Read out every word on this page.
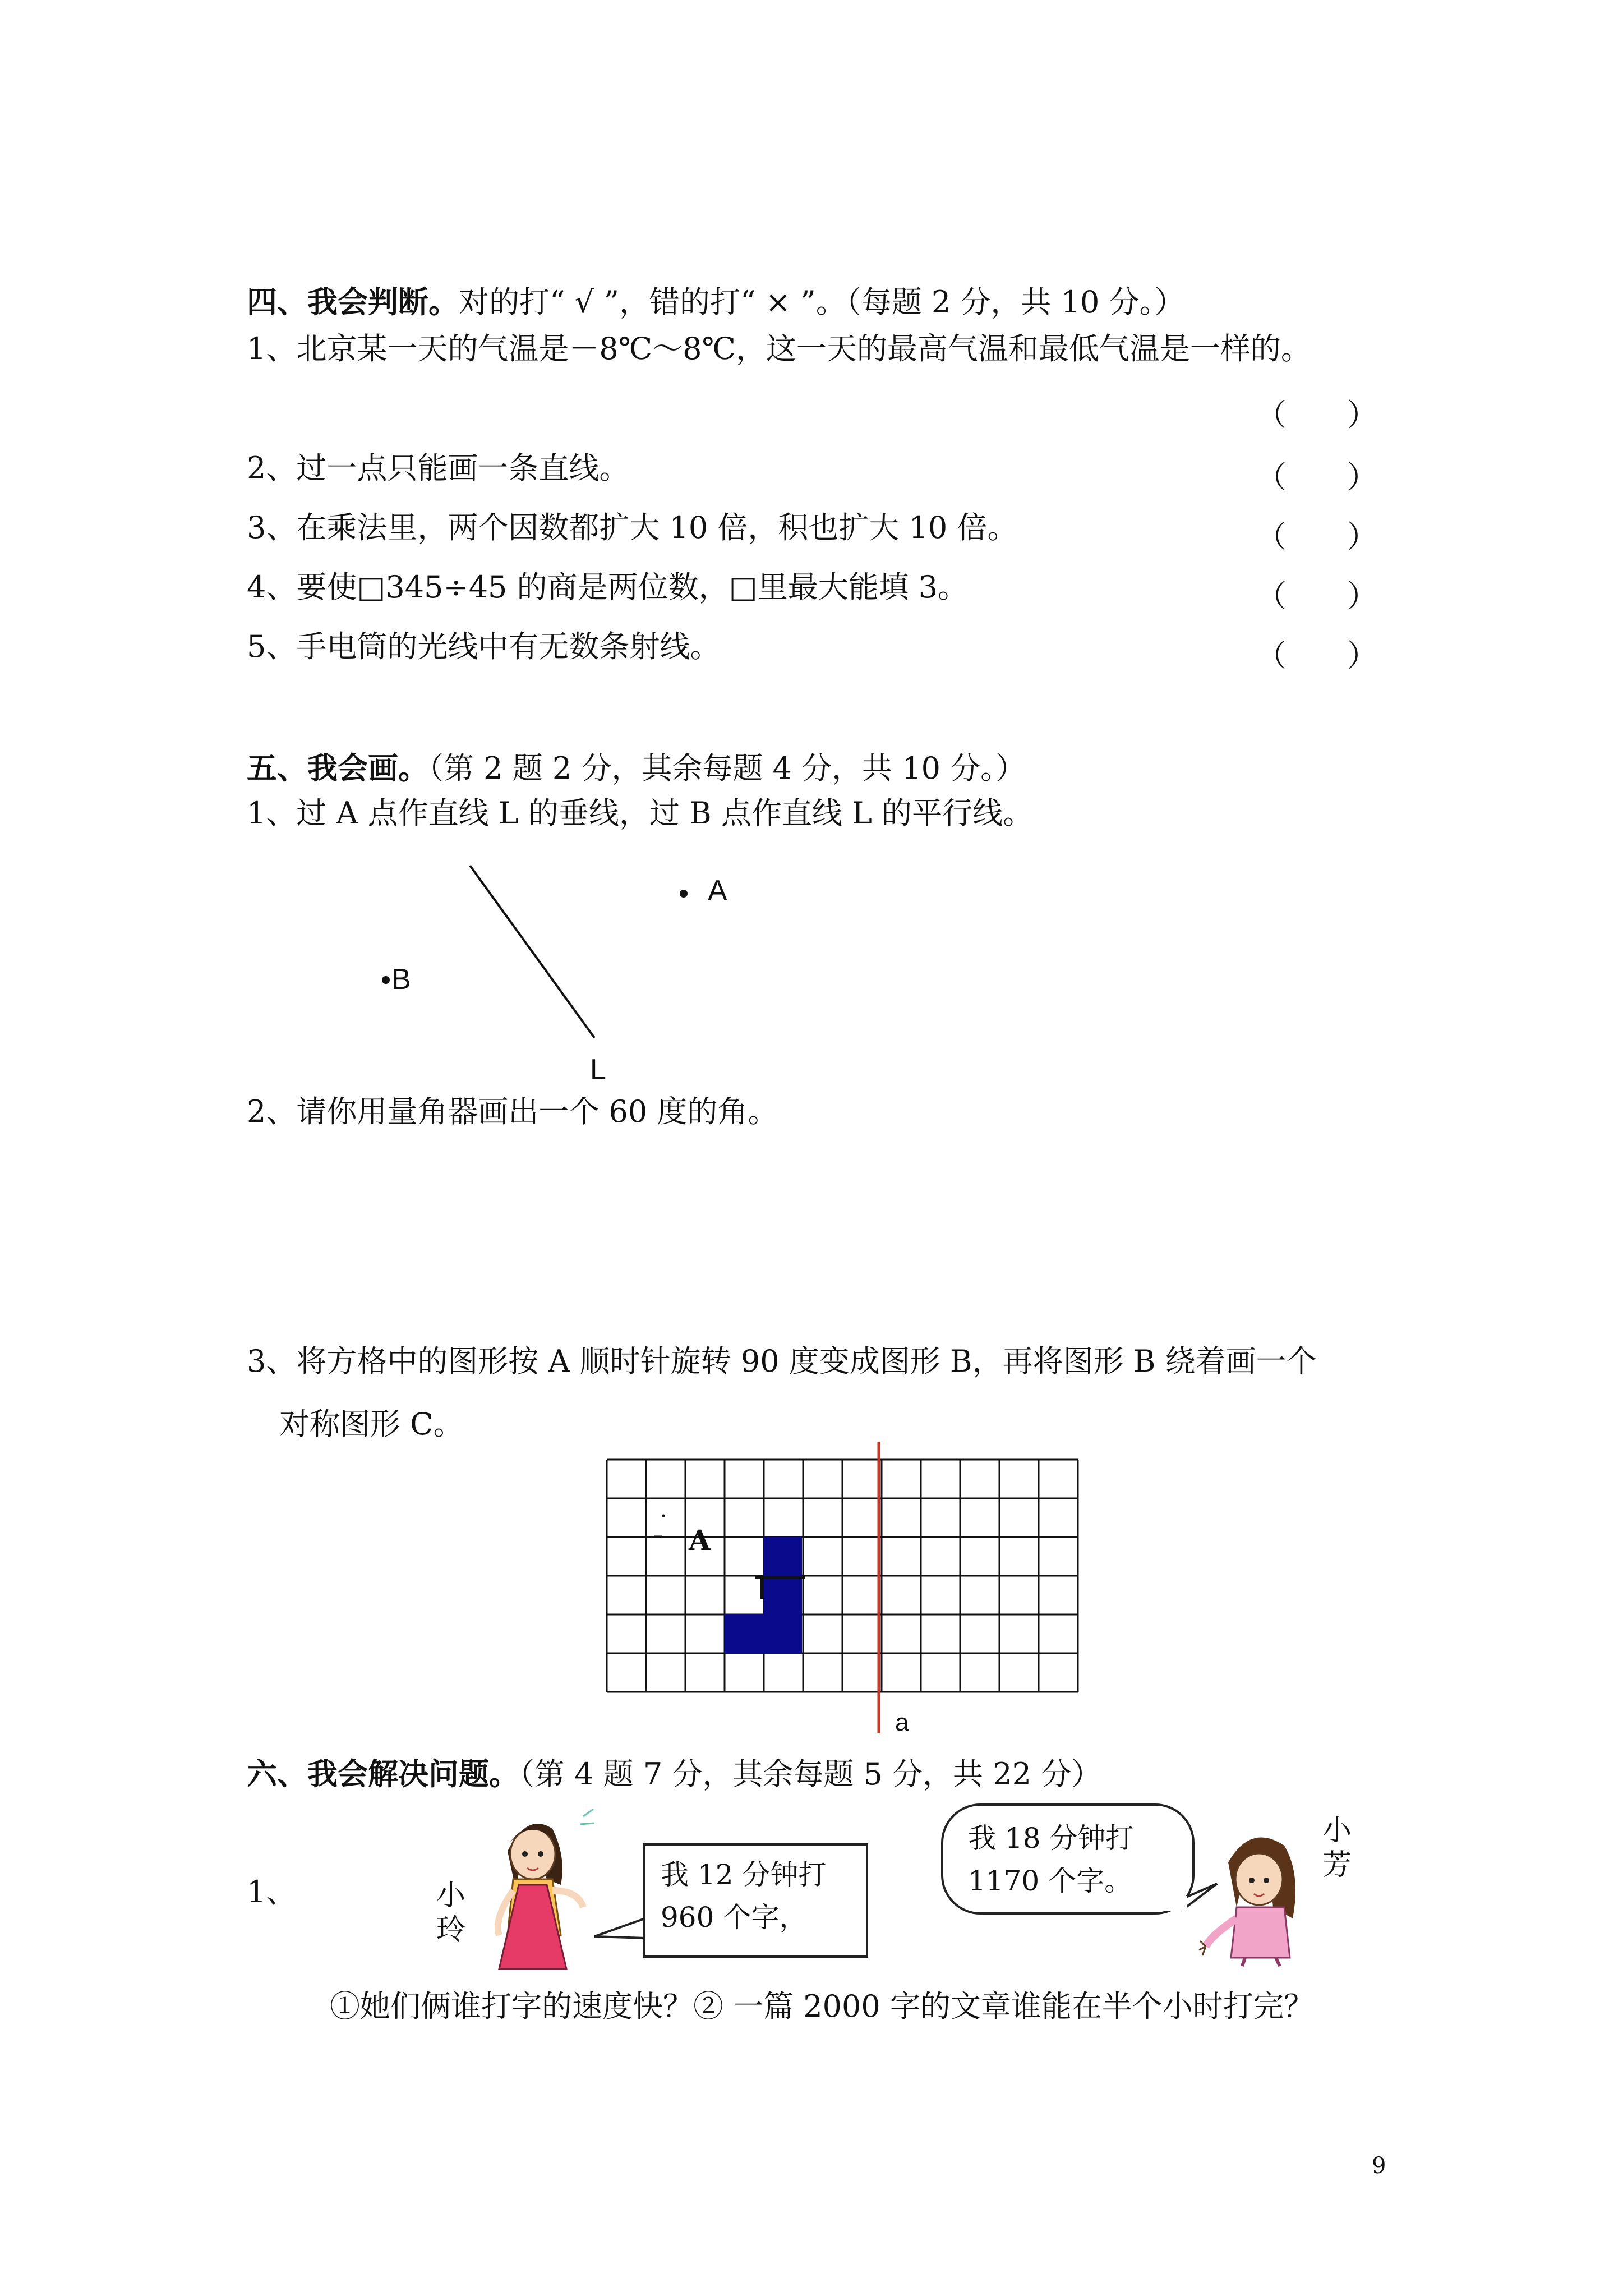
四、我会判断。对的打“ √ ”，错的打“ × ”。（每题 2 分，共 10 分。）
1、北京某一天的气温是－8℃～8℃，这一天的最高气温和最低气温是一样的。
（　　）
2、过一点只能画一条直线。	（　　）
3、在乘法里，两个因数都扩大 10 倍，积也扩大 10 倍。	（　　）
4、要使□345÷45 的商是两位数，□里最大能填 3。	（　　）
5、手电筒的光线中有无数条射线。	（　　）
五、我会画。（第 2 题 2 分，其余每题 4 分，共 10 分。）
1、过 A 点作直线 L 的垂线，过 B 点作直线 L 的平行线。
A
B
L
2、请你用量角器画出一个 60 度的角。
3、将方格中的图形按 A 顺时针旋转 90 度变成图形 B，再将图形 B 绕着画一个
对称图形 C。
A
a
六、我会解决问题。（第 4 题 7 分，其余每题 5 分，共 22 分）
1、	小玲
我 12 分钟打
960 个字，
我 18 分钟打
1170 个字。
小芳
①她们俩谁打字的速度快？② 一篇 2000 字的文章谁能在半个小时打完？
9
